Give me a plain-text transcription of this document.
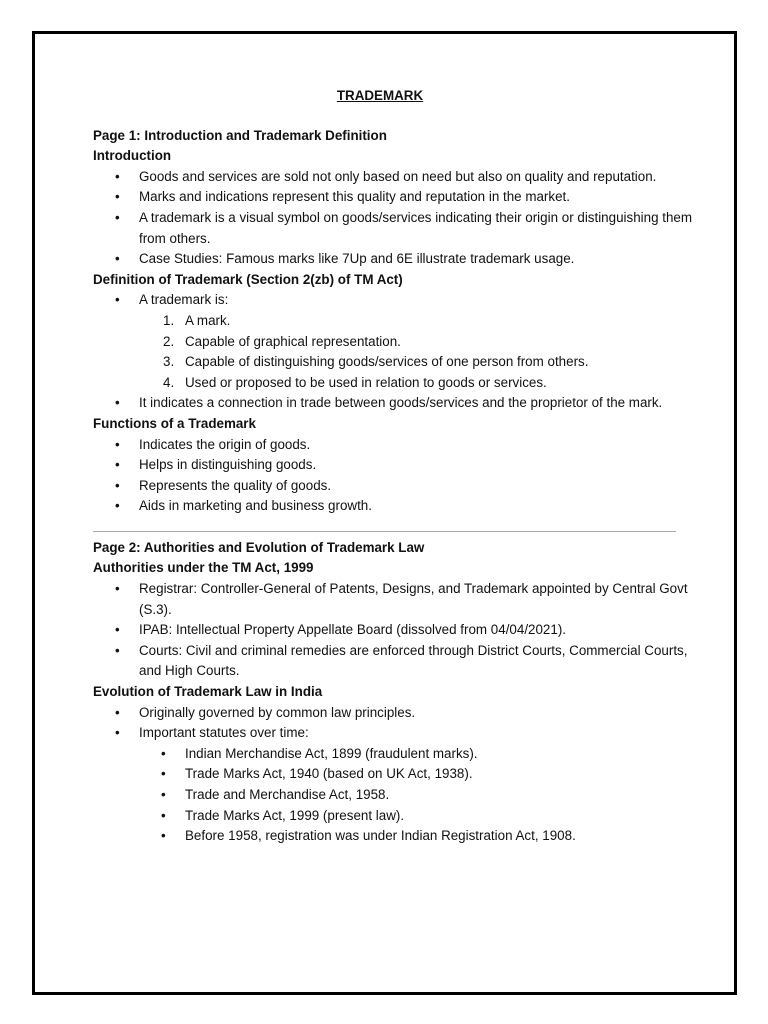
TRADEMARK
Page 1: Introduction and Trademark Definition
Introduction
• Goods and services are sold not only based on need but also on quality and reputation.
• Marks and indications represent this quality and reputation in the market.
• A trademark is a visual symbol on goods/services indicating their origin or distinguishing them from others.
• Case Studies: Famous marks like 7Up and 6E illustrate trademark usage.
Definition of Trademark (Section 2(zb) of TM Act)
• A trademark is:
A mark.
Capable of graphical representation.
Capable of distinguishing goods/services of one person from others.
Used or proposed to be used in relation to goods or services.
• It indicates a connection in trade between goods/services and the proprietor of the mark.
Functions of a Trademark
• Indicates the origin of goods.
• Helps in distinguishing goods.
• Represents the quality of goods.
• Aids in marketing and business growth.
Page 2: Authorities and Evolution of Trademark Law
Authorities under the TM Act, 1999
• Registrar: Controller-General of Patents, Designs, and Trademark appointed by Central Govt (S.3).
• IPAB: Intellectual Property Appellate Board (dissolved from 04/04/2021).
• Courts: Civil and criminal remedies are enforced through District Courts, Commercial Courts, and High Courts.
Evolution of Trademark Law in India
• Originally governed by common law principles.
• Important statutes over time:
• Indian Merchandise Act, 1899 (fraudulent marks).
• Trade Marks Act, 1940 (based on UK Act, 1938).
• Trade and Merchandise Act, 1958.
• Trade Marks Act, 1999 (present law).
• Before 1958, registration was under Indian Registration Act, 1908.
